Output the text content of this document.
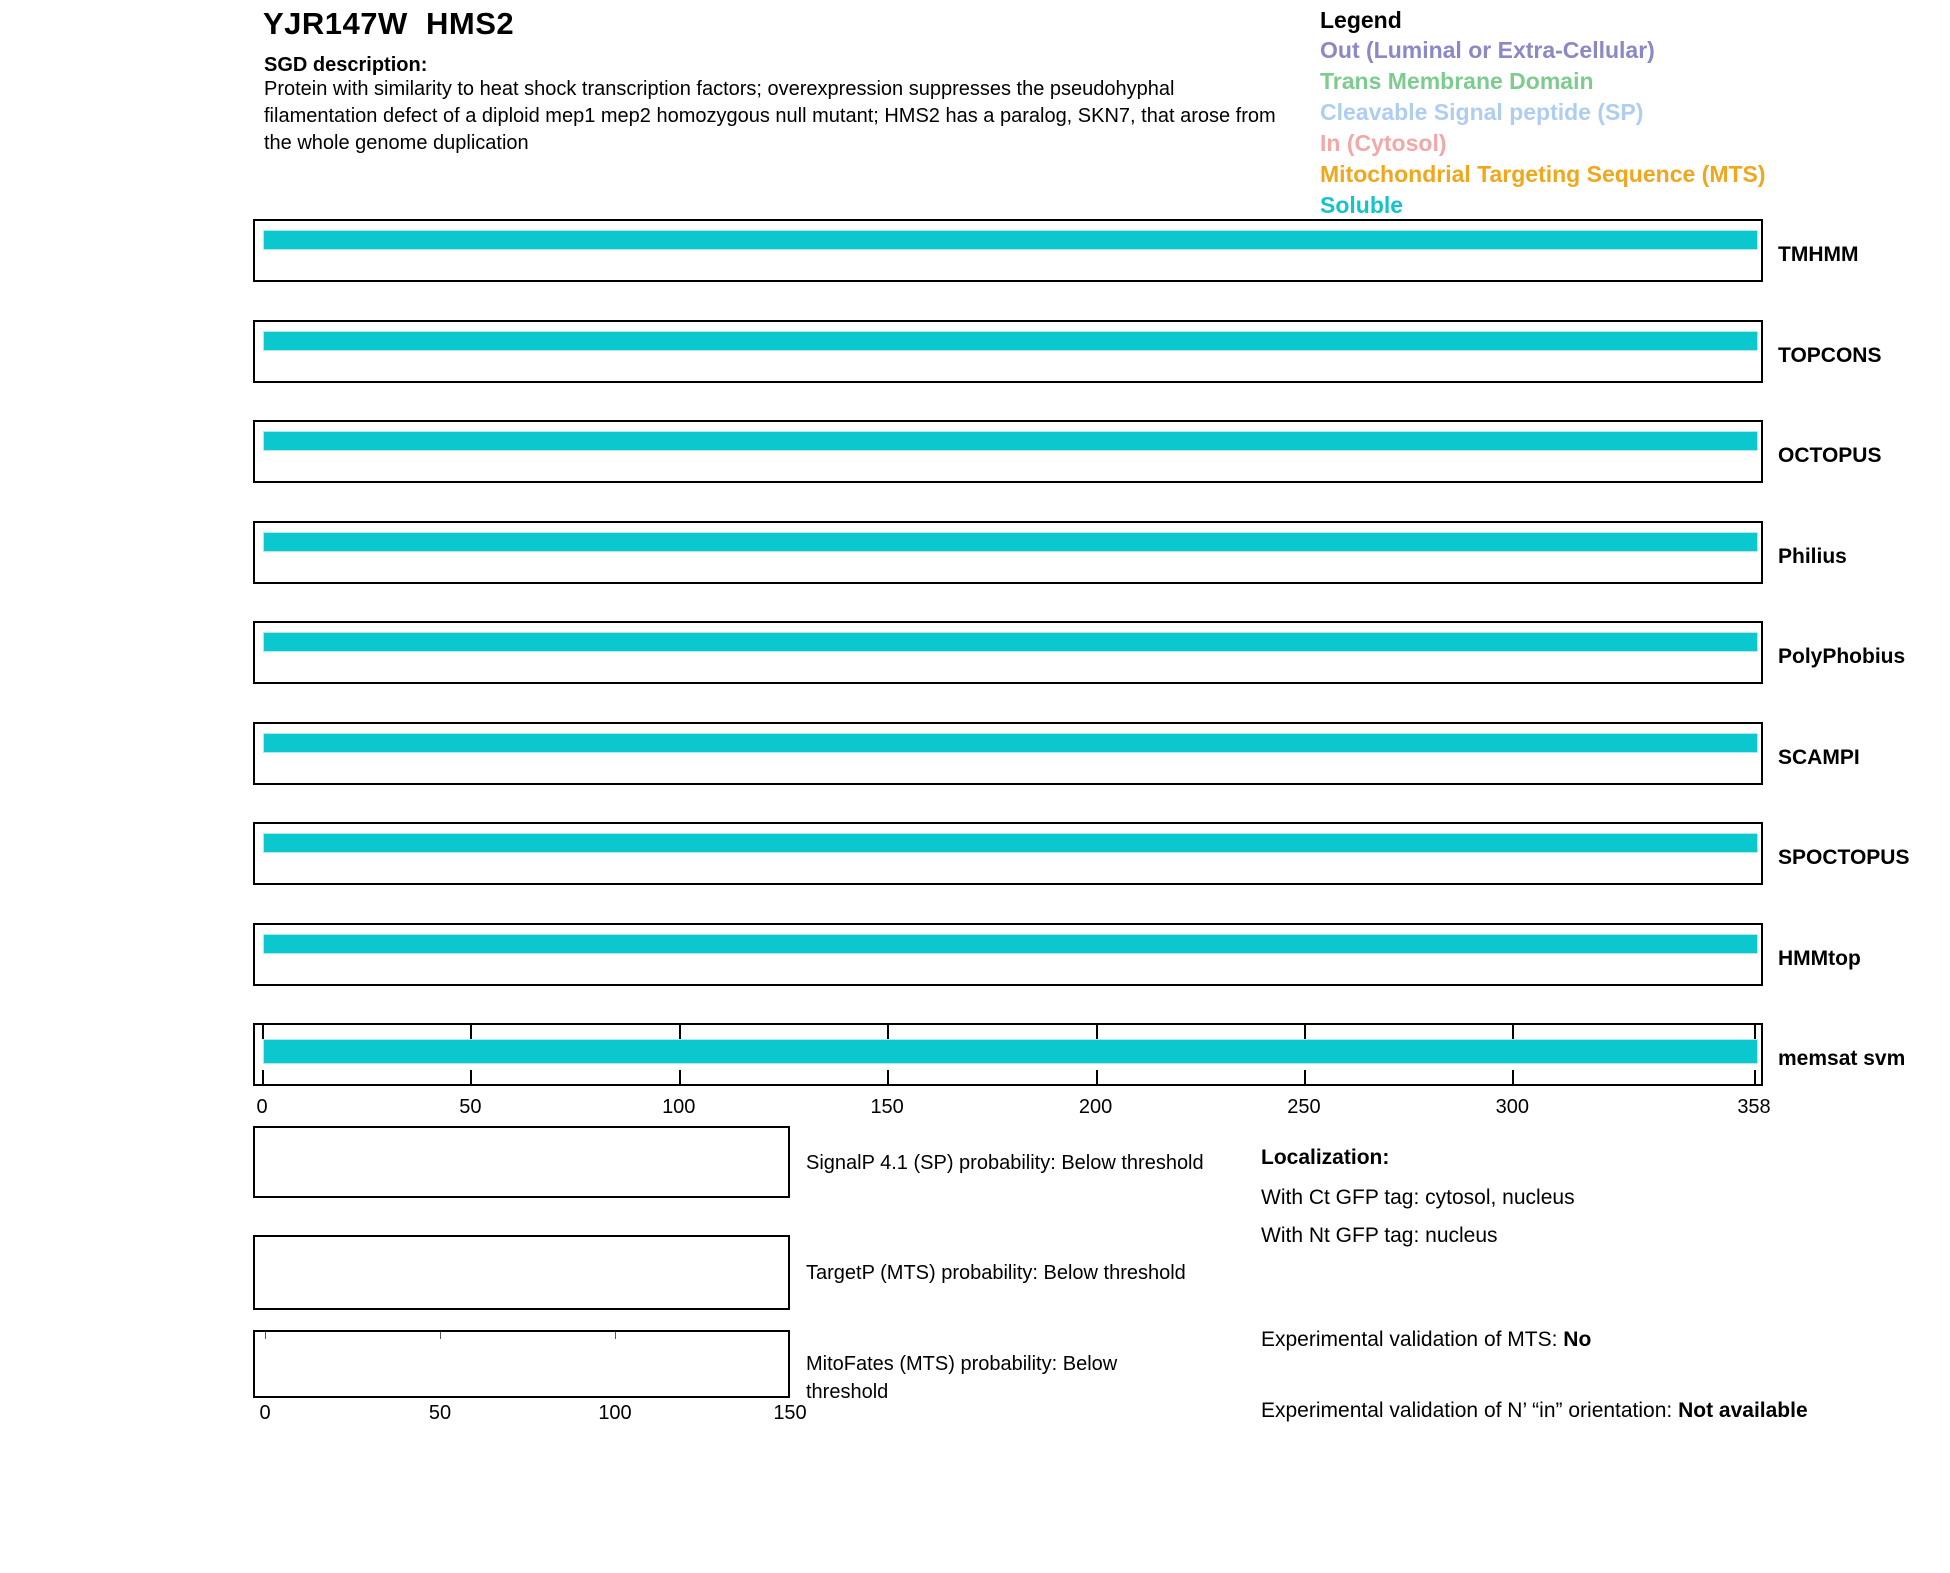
YJR147W  HMS2
SGD description:
Protein with similarity to heat shock transcription factors; overexpression suppresses the pseudohyphal filamentation defect of a diploid mep1 mep2 homozygous null mutant; HMS2 has a paralog, SKN7, that arose from the whole genome duplication
Legend
Out (Luminal or Extra-Cellular)
Trans Membrane Domain
Cleavable Signal peptide (SP)
In (Cytosol)
Mitochondrial Targeting Sequence (MTS)
Soluble
TMHMM
TOPCONS
OCTOPUS
Philius
PolyPhobius
SCAMPI
SPOCTOPUS
HMMtop
memsat svm
0	50	100	150	200	250	300	358
SignalP 4.1 (SP) probability: Below threshold
TargetP (MTS) probability: Below threshold
MitoFates (MTS) probability: Below threshold
0	50	100	150
Localization:
With Ct GFP tag: cytosol, nucleus
With Nt GFP tag: nucleus
Experimental validation of MTS: No
Experimental validation of N’ “in” orientation: Not available
